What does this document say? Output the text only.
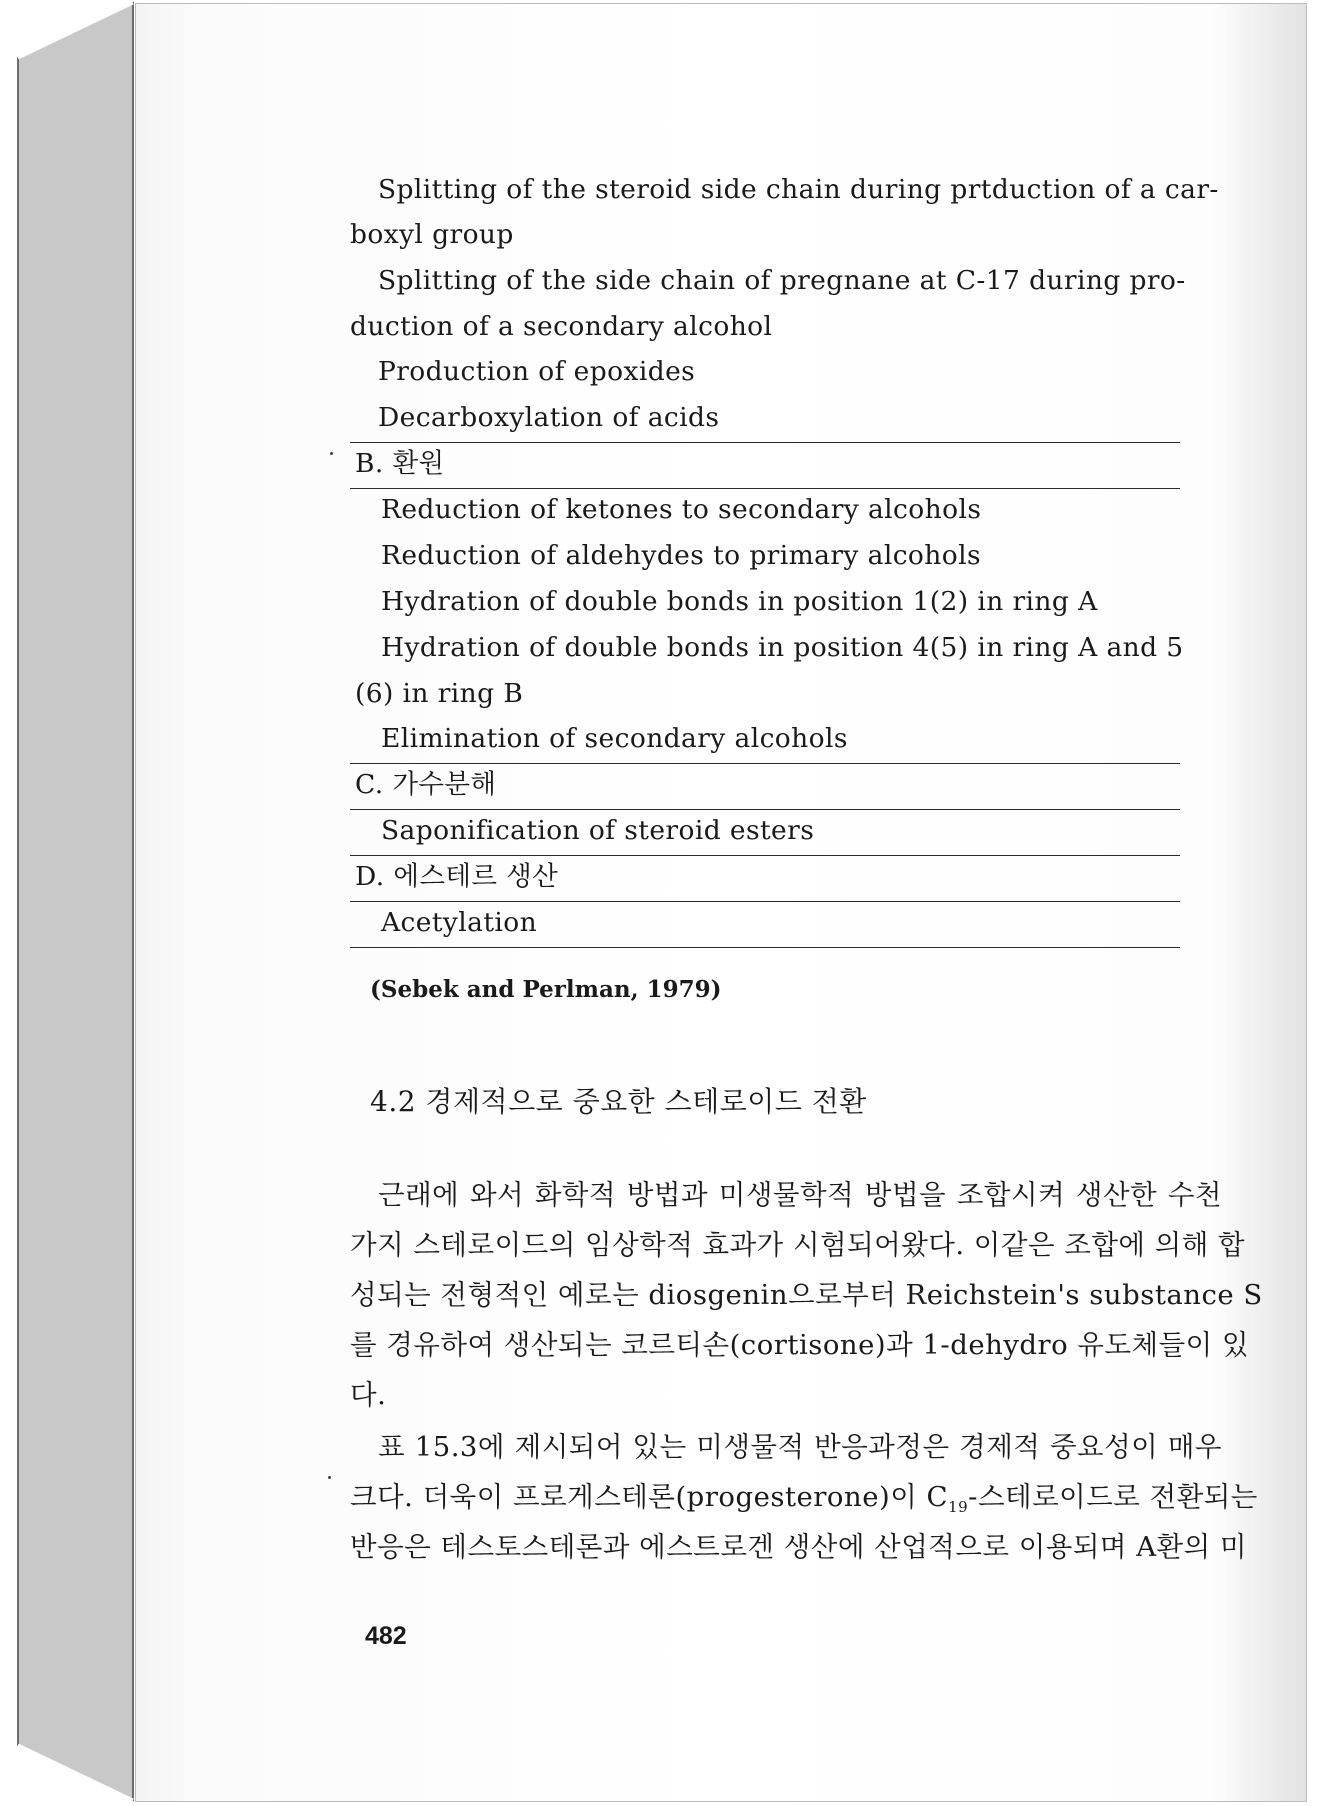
Splitting of the steroid side chain during prtduction of a car-
boxyl group
Splitting of the side chain of pregnane at C-17 during pro-
duction of a secondary alcohol
Production of epoxides
Decarboxylation of acids
B. 환원
Reduction of ketones to secondary alcohols
Reduction of aldehydes to primary alcohols
Hydration of double bonds in position 1(2) in ring A
Hydration of double bonds in position 4(5) in ring A and 5
(6) in ring B
Elimination of secondary alcohols
C. 가수분해
Saponification of steroid esters
D. 에스테르 생산
Acetylation
(Sebek and Perlman, 1979)
4.2 경제적으로 중요한 스테로이드 전환
근래에 와서 화학적 방법과 미생물학적 방법을 조합시켜 생산한 수천
가지 스테로이드의 임상학적 효과가 시험되어왔다. 이같은 조합에 의해 합
성되는 전형적인 예로는 diosgenin으로부터 Reichstein's substance S
를 경유하여 생산되는 코르티손(cortisone)과 1-dehydro 유도체들이 있
다.
표 15.3에 제시되어 있는 미생물적 반응과정은 경제적 중요성이 매우
크다. 더욱이 프로게스테론(progesterone)이 $C_{19}-$스테로이드로 전환되는
반응은 테스토스테론과 에스트로겐 생산에 산업적으로 이용되며 A환의 미
482
